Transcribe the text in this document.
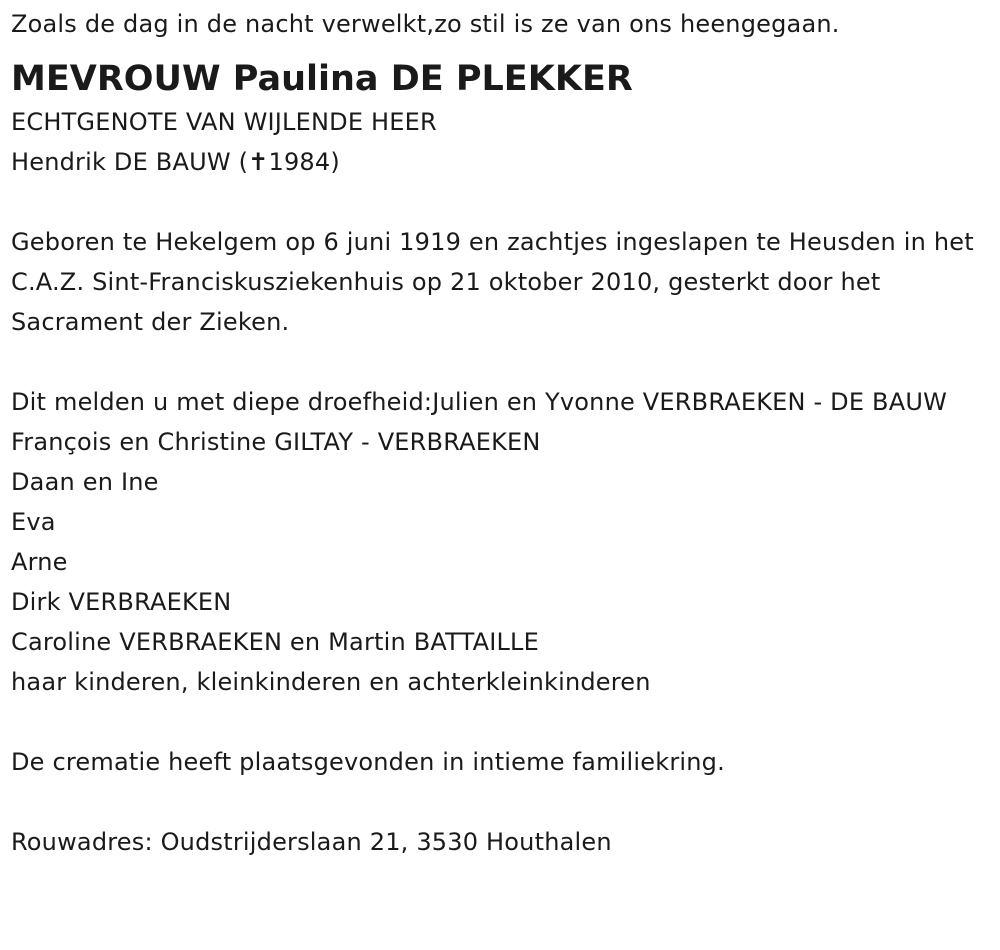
Zoals de dag in de nacht verwelkt,zo stil is ze van ons heengegaan.
MEVROUW Paulina DE PLEKKER
ECHTGENOTE VAN WIJLENDE HEER
Hendrik DE BAUW (✝1984)
Geboren te Hekelgem op 6 juni 1919 en zachtjes ingeslapen te Heusden in het C.A.Z. Sint-Franciskusziekenhuis op 21 oktober 2010, gesterkt door het Sacrament der Zieken.
Dit melden u met diepe droefheid:Julien en Yvonne VERBRAEKEN - DE BAUW
François en Christine GILTAY - VERBRAEKEN
Daan en Ine
Eva
Arne
Dirk VERBRAEKEN
Caroline VERBRAEKEN en Martin BATTAILLE
haar kinderen, kleinkinderen en achterkleinkinderen
De crematie heeft plaatsgevonden in intieme familiekring.
Rouwadres: Oudstrijderslaan 21, 3530 Houthalen
